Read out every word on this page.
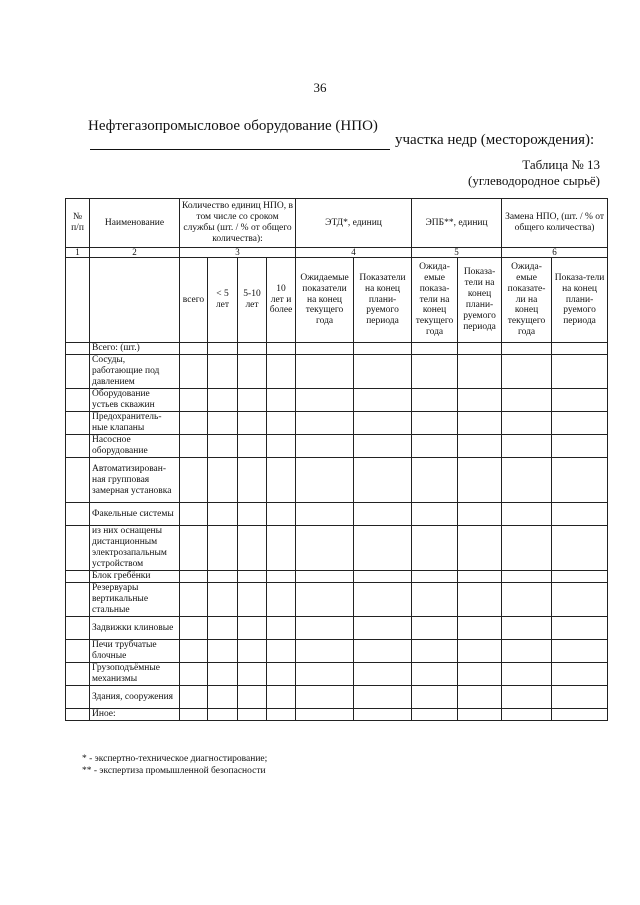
36
Нефтегазопромысловое оборудование (НПО)
участка недр (месторождения):
Таблица № 13
(углеводородное сырьё)
№ п/п	Наименование	Количество единиц НПО, в том числе со сроком службы (шт. / % от общего количества):				ЭТД*, единиц		ЭПБ**, единиц		Замена НПО, (шт. / % от общего количества)	
1	2	3				4		5		6	
		всего	< 5 лет	5-10 лет	10 лет и более	Ожидаемые показатели на конец текущего года	Показатели на конец плани-руемого периода	Ожида-емые показа-тели на конец текущего года	Показа-тели на конец плани-руемого периода	Ожида-емые показате-ли на конец текущего года	Показа-тели на конец плани-руемого периода
	Всего: (шт.)										
	Сосуды, работающие под давлением										
	Оборудование устьев скважин										
	Предохранитель-ные клапаны										
	Насосное оборудование										
	Автоматизирован-ная групповая замерная установка										
	Факельные системы										
	из них оснащены дистанционным электрозапальным устройством										
	Блок гребёнки										
	Резервуары вертикальные стальные										
	Задвижки клиновые										
	Печи трубчатые блочные										
	Грузоподъёмные механизмы										
	Здания, сооружения										
	Иное:										
* - экспертно-техническое диагностирование;
** - экспертиза промышленной безопасности
